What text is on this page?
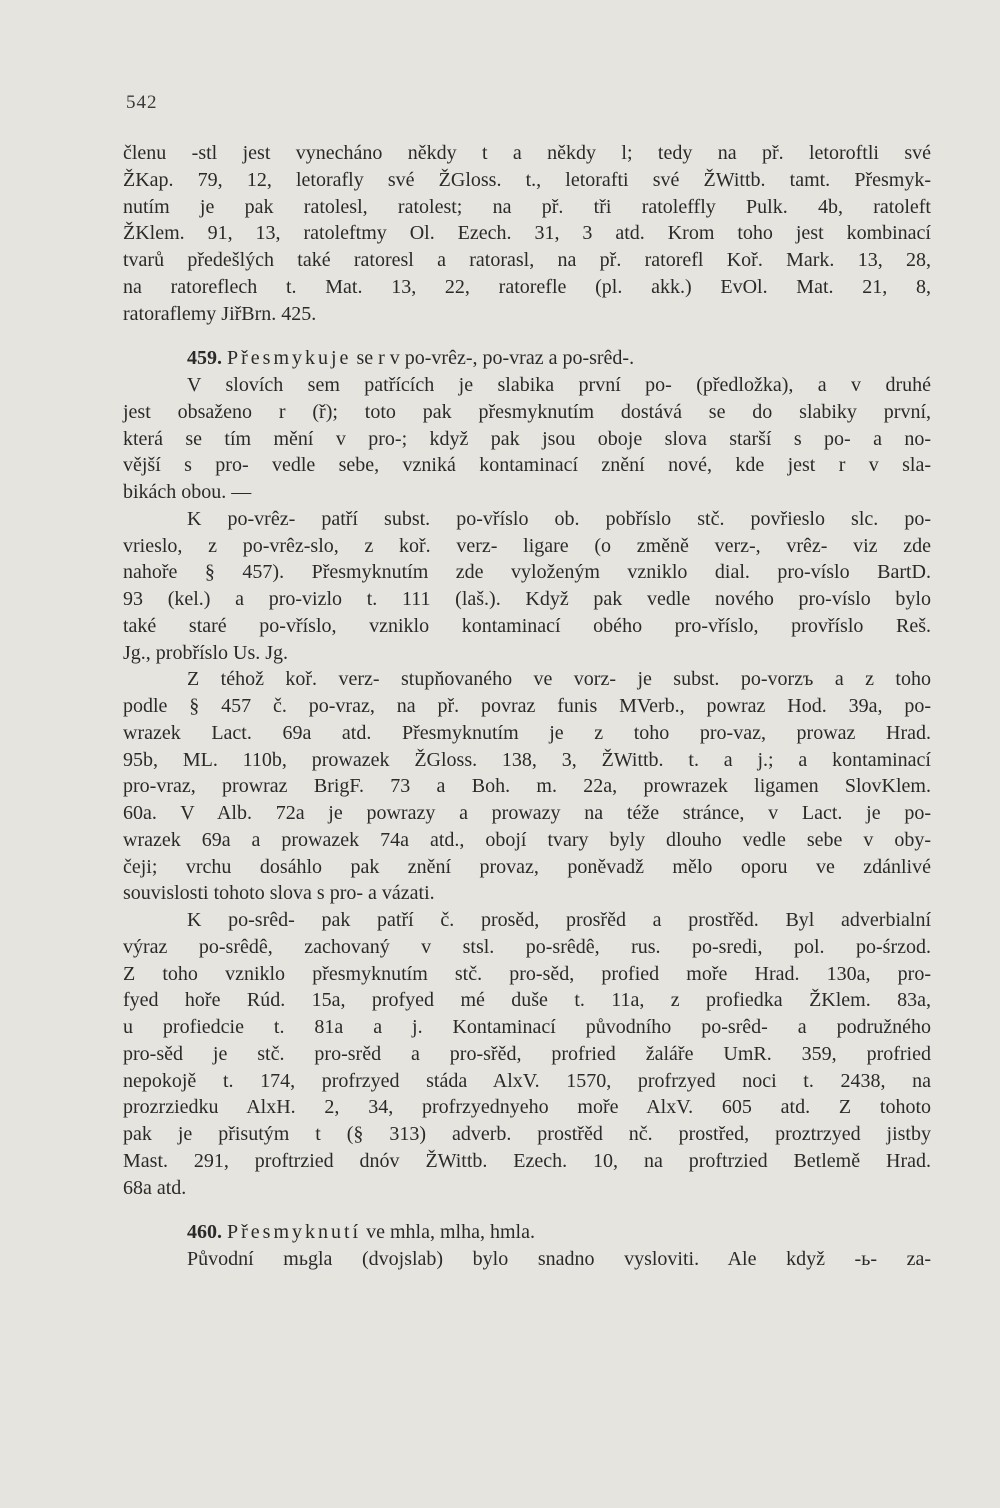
542
členu -stl jest vynecháno někdy t a někdy l; tedy na př. letoroftli své
ŽKap. 79, 12, letorafly své ŽGloss. t., letorafti své ŽWittb. tamt. Přesmyk-
nutím je pak ratolesl, ratolest; na př. tři ratoleffly Pulk. 4b, ratoleft
ŽKlem. 91, 13, ratoleftmy Ol. Ezech. 31, 3 atd. Krom toho jest kombinací
tvarů předešlých také ratoresl a ratorasl, na př. ratorefl Koř. Mark. 13, 28,
na ratoreflech t. Mat. 13, 22, ratorefle (pl. akk.) EvOl. Mat. 21, 8,
ratoraflemy JiřBrn. 425.
459. Přesmykuje se r v po-vrêz-, po-vraz a po-srêd-.
V slovích sem patřících je slabika první po- (předložka), a v druhé
jest obsaženo r (ř); toto pak přesmyknutím dostává se do slabiky první,
která se tím mění v pro-; když pak jsou oboje slova starší s po- a no-
vější s pro- vedle sebe, vzniká kontaminací znění nové, kde jest r v sla-
bikách obou. —
K po-vrêz- patří subst. po-vříslo ob. pobříslo stč. povřieslo slc. po-
vrieslo, z po-vrêz-slo, z koř. verz- ligare (o změně verz-, vrêz- viz zde
nahoře § 457). Přesmyknutím zde vyloženým vzniklo dial. pro-víslo BartD.
93 (kel.) a pro-vizlo t. 111 (laš.). Když pak vedle nového pro-víslo bylo
také staré po-vříslo, vzniklo kontaminací obého pro-vříslo, provříslo Reš.
Jg., probříslo Us. Jg.
Z téhož koř. verz- stupňovaného ve vorz- je subst. po-vorzъ a z toho
podle § 457 č. po-vraz, na př. povraz funis MVerb., powraz Hod. 39a, po-
wrazek Lact. 69a atd. Přesmyknutím je z toho pro-vaz, prowaz Hrad.
95b, ML. 110b, prowazek ŽGloss. 138, 3, ŽWittb. t. a j.; a kontaminací
pro-vraz, prowraz BrigF. 73 a Boh. m. 22a, prowrazek ligamen SlovKlem.
60a. V Alb. 72a je powrazy a prowazy na téže stránce, v Lact. je po-
wrazek 69a a prowazek 74a atd., obojí tvary byly dlouho vedle sebe v oby-
čeji; vrchu dosáhlo pak znění provaz, poněvadž mělo oporu ve zdánlivé
souvislosti tohoto slova s pro- a vázati.
K po-srêd- pak patří č. prosěd, prosřěd a prostřěd. Byl adverbialní
výraz po-srêdê, zachovaný v stsl. po-srêdê, rus. po-sredi, pol. po-śrzod.
Z toho vzniklo přesmyknutím stč. pro-sěd, profied moře Hrad. 130a, pro-
fyed hoře Rúd. 15a, profyed mé duše t. 11a, z profiedka ŽKlem. 83a,
u profiedcie t. 81a a j. Kontaminací původního po-srêd- a podružného
pro-sěd je stč. pro-srěd a pro-sřěd, profried žaláře UmR. 359, profried
nepokojě t. 174, profrzyed stáda AlxV. 1570, profrzyed noci t. 2438, na
prozrziedku AlxH. 2, 34, profrzyednyeho moře AlxV. 605 atd. Z tohoto
pak je přisutým t (§ 313) adverb. prostřěd nč. prostřed, proztrzyed jistby
Mast. 291, proftrzied dnóv ŽWittb. Ezech. 10, na proftrzied Betlemě Hrad.
68a atd.
460. Přesmyknutí ve mhla, mlha, hmla.
Původní mьgla (dvojslab) bylo snadno vysloviti. Ale když -ь- za-
